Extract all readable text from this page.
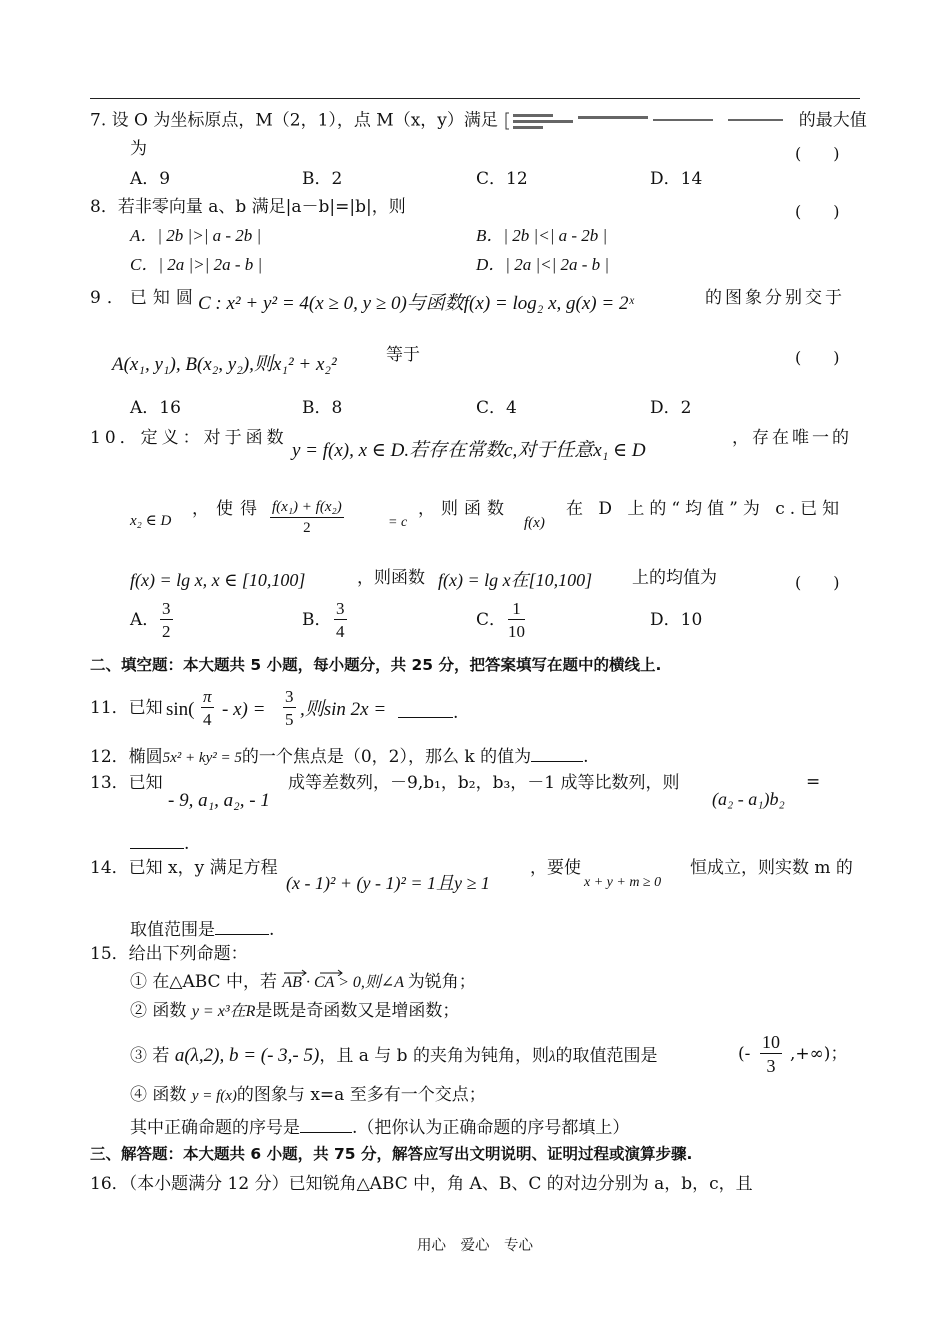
7. 设 O 为坐标原点，M（2，1），点 M（x，y）满足	的最大值
为	(　　)
A．9	B．2	C．12	D．14
8．若非零向量 a、b 满足|a－b|=|b|，则	(　　)
A．| 2b |>| a - 2b |	B．| 2b |<| a - 2b |
C．| 2a |>| 2a - b |	D．| 2a |<| 2a - b |
9．已知圆 C : x² + y² = 4(x ≥ 0, y ≥ 0)与函数f(x) = log₂ x, g(x) = 2ˣ	的图象分别交于
A(x₁, y₁), B(x₂, y₂),则x₁² + x₂²	等于	(　　)
A．16	B．8	C．4	D．2
10．定义：对于函数
y = f(x), x ∈ D.若存在常数c,对于任意x₁ ∈ D
，存在唯一的
x₂ ∈ D
，使得 $\frac{\text{f(x₁) + f(x₂)}}{2}$	= c
，则函数
f(x)
在 D 上的“均值”为 c.已知
f(x) = lg x, x ∈ [10,100]	，则函数 f(x) = lg x在[10,100] 上的均值为	(　　)
A． $\frac{3}{2}$	B． $\frac{3}{4}$	C． $\frac{1}{10}$	D．10
二、填空题：本大题共 5 小题，每小题分，共 25 分，把答案填写在题中的横线上.
11．已知 $\sin( \frac{\pi}{4} - x) = \frac{3}{5}$ ,则sin 2x =	.
12．椭圆5x² + ky² = 5的一个焦点是（0，2），那么 k 的值为	.
13．已知
- 9, a₁, a₂, - 1
成等差数列，－9,b₁，b₂，b₃，－1 成等比数列，则
(a₂ - a₁)b₂
=
.
14．已知 x，y 满足方程
(x - 1)² + (y - 1)² = 1且y ≥ 1
，要使
x + y + m ≥ 0
恒成立，则实数 m 的
取值范围是	.
15．给出下列命题：
① 在△ABC 中，若 AB · CA > 0,则∠A 为锐角；
② 函数 y = x³在R是既是奇函数又是增函数；
③ 若 a(λ,2), b = (- 3,- 5)，且 a 与 b 的夹角为钝角，则λ的取值范围是	(- $\frac{10}{3}$ ,+∞)；
④ 函数 y = f(x)的图象与 x=a 至多有一个交点；
其中正确命题的序号是	.（把你认为正确命题的序号都填上）
三、解答题：本大题共 6 小题，共 75 分，解答应写出文明说明、证明过程或演算步骤.
16．（本小题满分 12 分）已知锐角△ABC 中，角 A、B、C 的对边分别为 a，b，c，且
用心　爱心　专心
